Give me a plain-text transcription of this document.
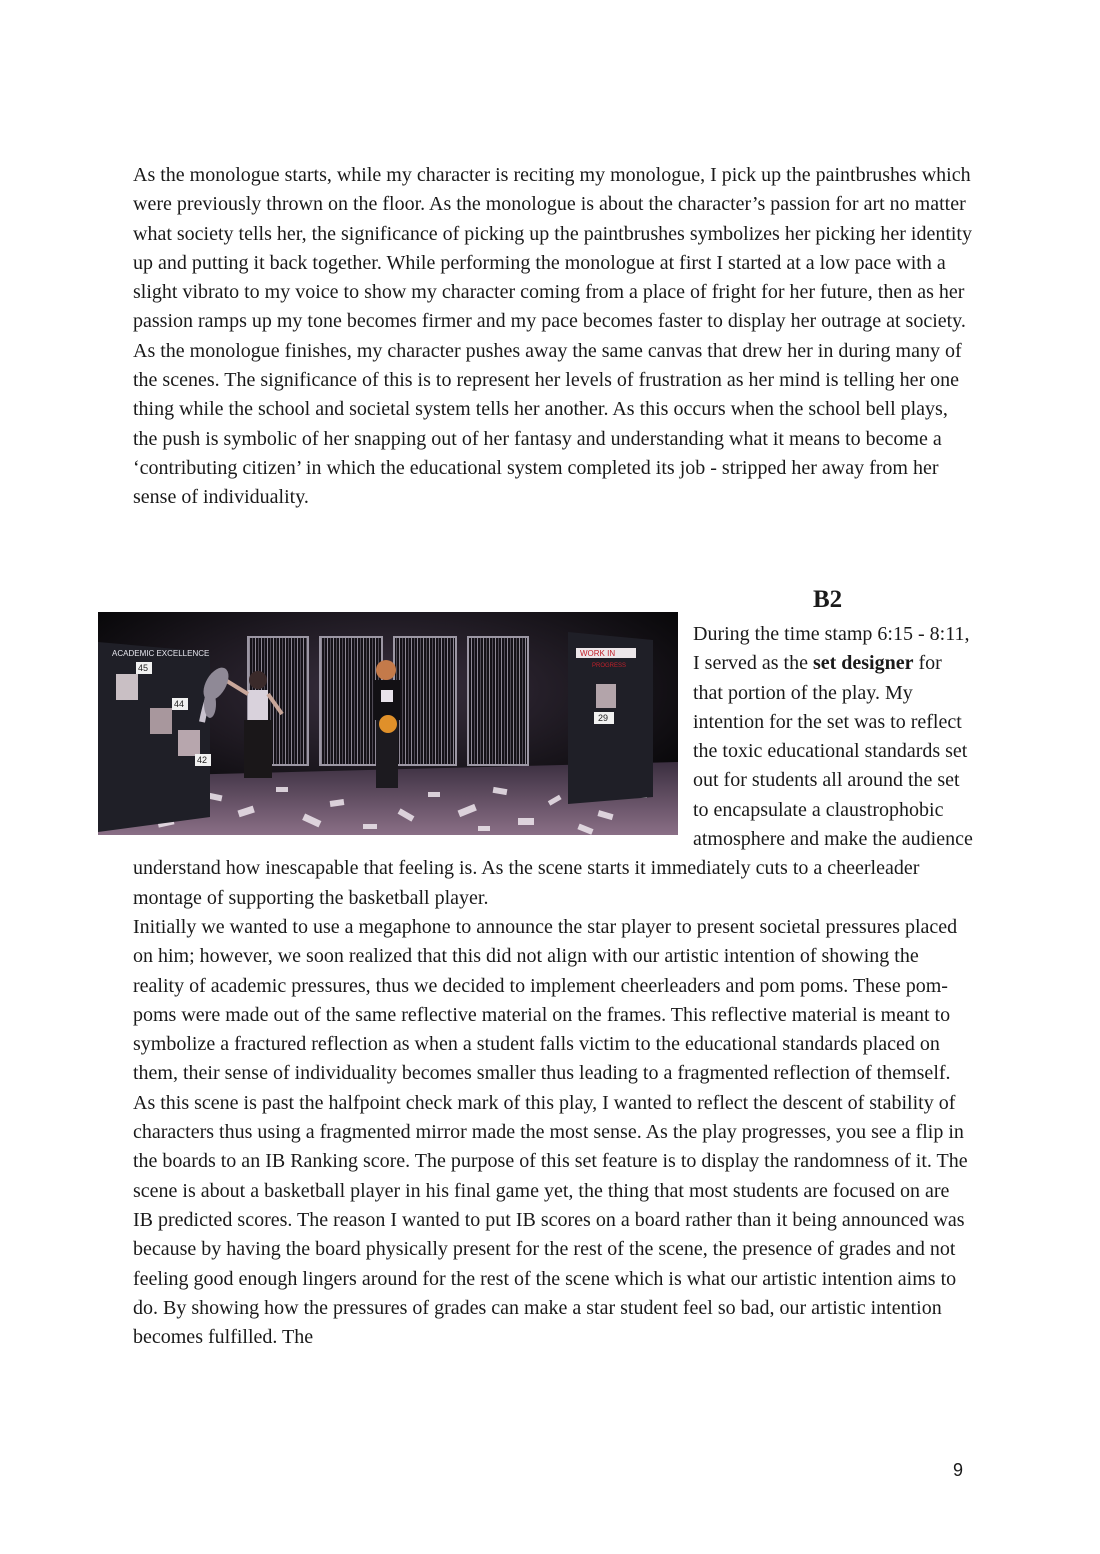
As the monologue starts, while my character is reciting my monologue, I pick up the paintbrushes which were previously thrown on the floor. As the monologue is about the character’s passion for art no matter what society tells her, the significance of picking up the paintbrushes symbolizes her picking her identity up and putting it back together. While performing the monologue at first I started at a low pace with a slight vibrato to my voice to show my character coming from a place of fright for her future, then as her passion ramps up my tone becomes firmer and my pace becomes faster to display her outrage at society. As the monologue finishes, my character pushes away the same canvas that drew her in during many of the scenes. The significance of this is to represent her levels of frustration as her mind is telling her one thing while the school and societal system tells her another. As this occurs when the school bell plays, the push is symbolic of her snapping out of her fantasy and understanding what it means to become a ‘contributing citizen’ in which the educational system completed its job - stripped her away from her sense of individuality.

B2

During the time stamp 6:15 - 8:11, I served as the set designer for that portion of the play. My intention for the set was to reflect the toxic educational standards set out for students all around the set to encapsulate a claustrophobic atmosphere and make the audience understand how inescapable that feeling is. As the scene starts it immediately cuts to a cheerleader montage of supporting the basketball player.

Initially we wanted to use a megaphone to announce the star player to present societal pressures placed on him; however, we soon realized that this did not align with our artistic intention of showing the reality of academic pressures, thus we decided to implement cheerleaders and pom poms. These pom-poms were made out of the same reflective material on the frames. This reflective material is meant to symbolize a fractured reflection as when a student falls victim to the educational standards placed on them, their sense of individuality becomes smaller thus leading to a fragmented reflection of themself. As this scene is past the halfpoint check mark of this play, I wanted to reflect the descent of stability of characters thus using a fragmented mirror made the most sense. As the play progresses, you see a flip in the boards to an IB Ranking score. The purpose of this set feature is to display the randomness of it. The scene is about a basketball player in his final game yet, the thing that most students are focused on are IB predicted scores. The reason I wanted to put IB scores on a board rather than it being announced was because by having the board physically present for the rest of the scene, the presence of grades and not feeling good enough lingers around for the rest of the scene which is what our artistic intention aims to do. By showing how the pressures of grades can make a star student feel so bad, our artistic intention becomes fulfilled. The

ACADEMIC EXCELLENCE
45
44
42
WORK IN
PROGRESS
29
9
